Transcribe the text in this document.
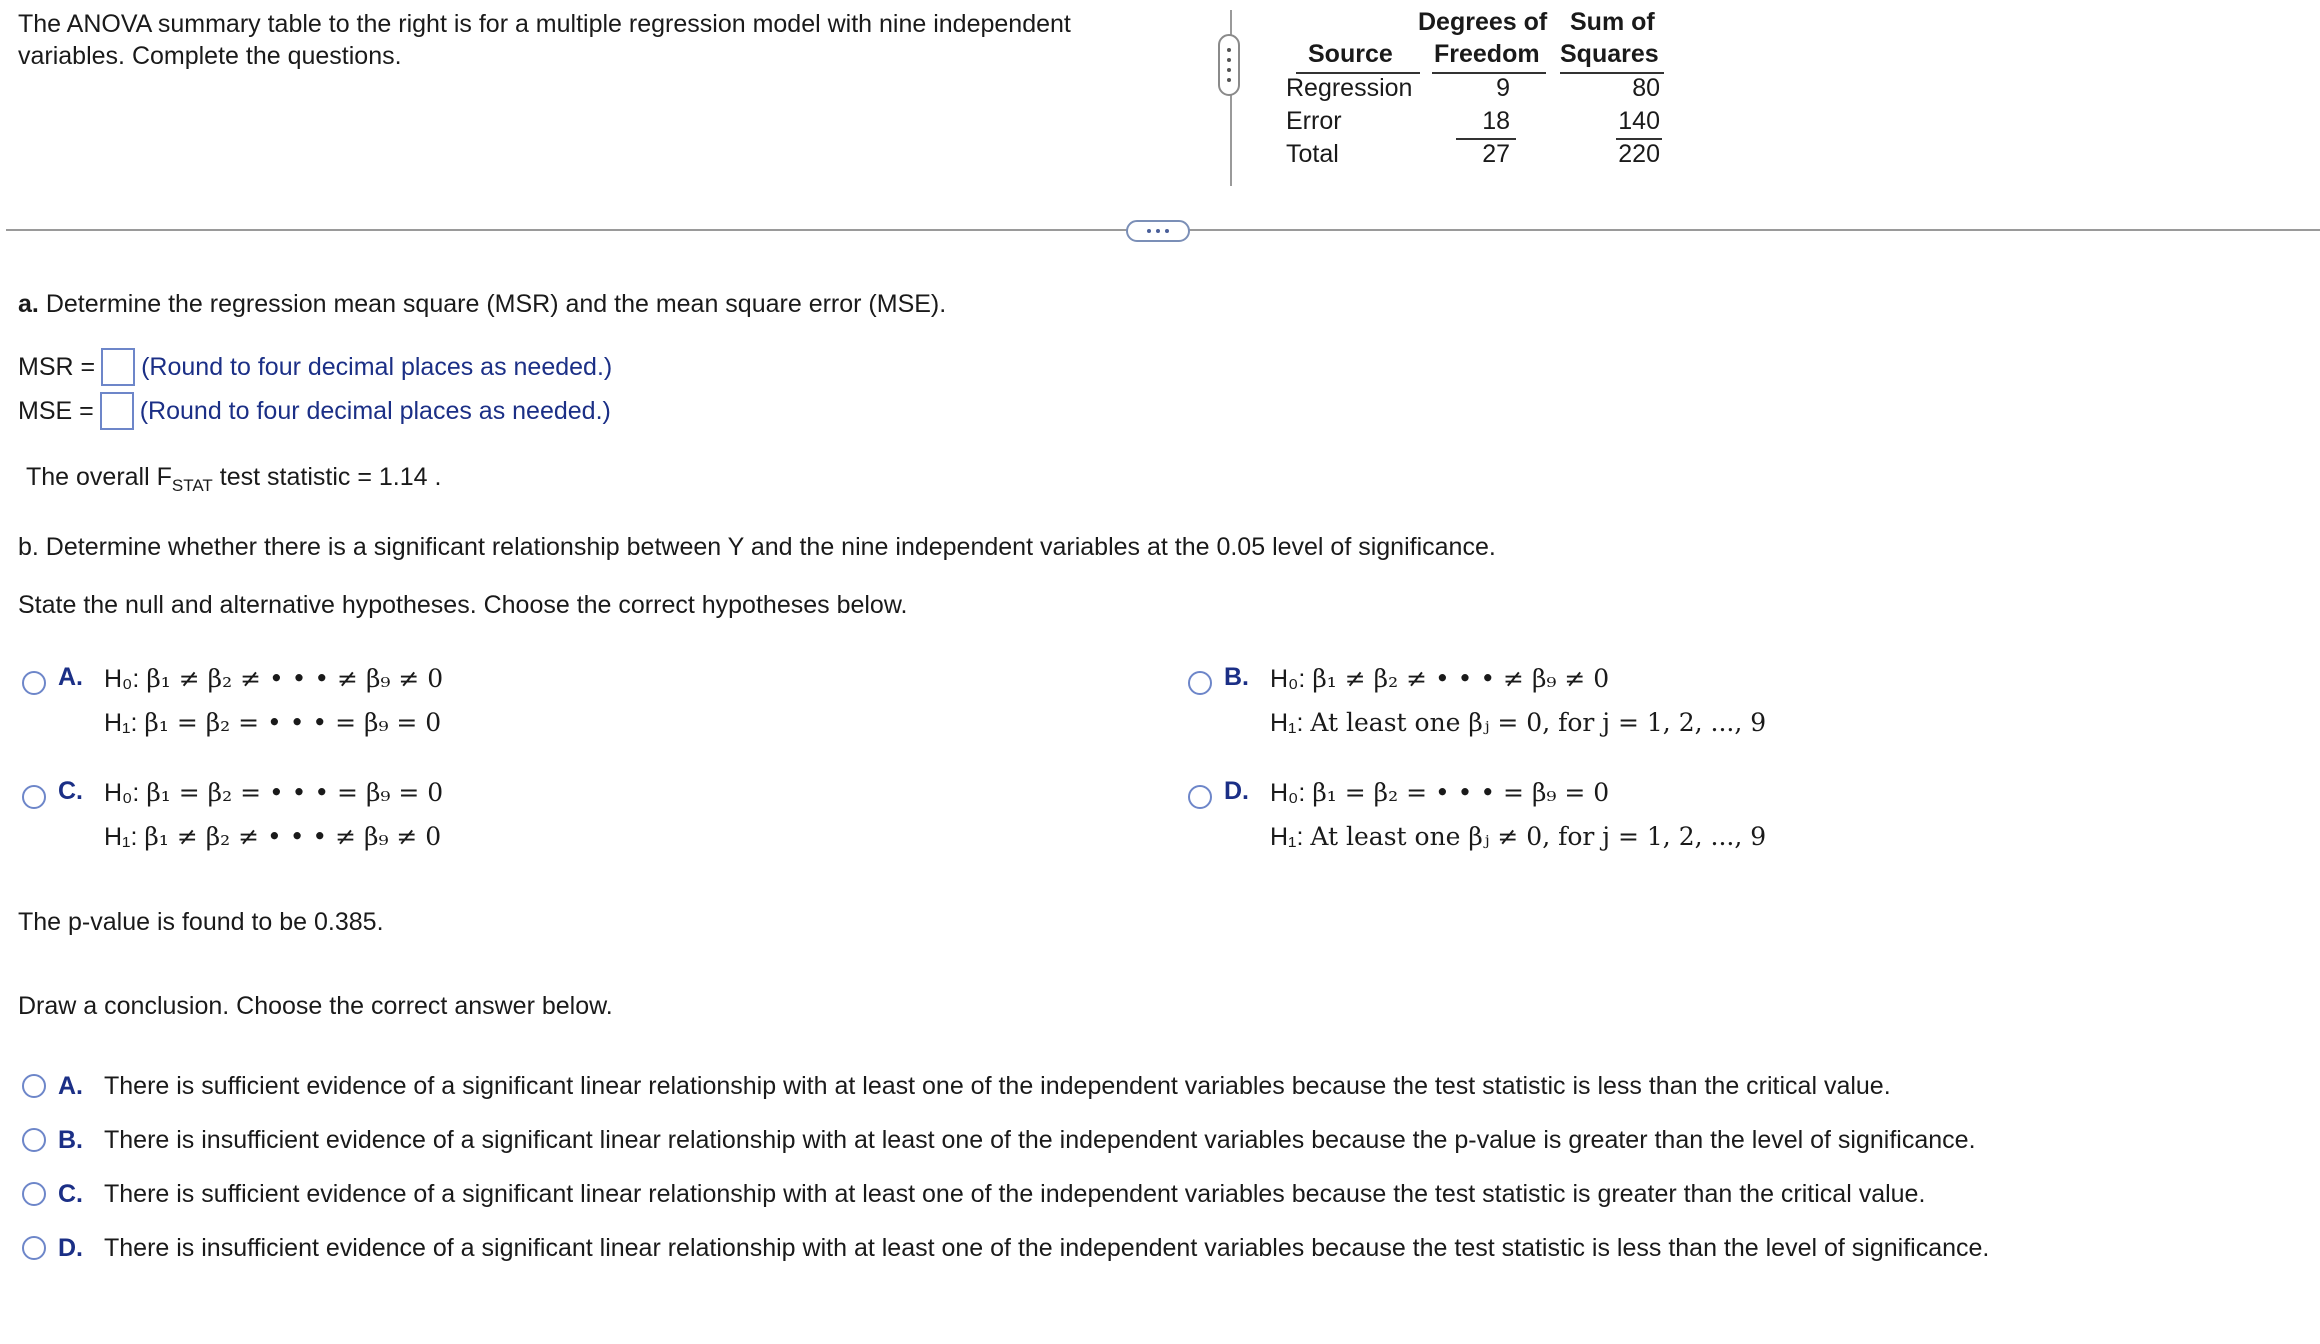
The ANOVA summary table to the right is for a multiple regression model with nine independent variables. Complete the questions.
Degrees of Sum of
Source Freedom Squares
Regression	9	80
Error	18	140
Total	27	220
a. Determine the regression mean square (MSR) and the mean square error (MSE).
MSR = (Round to four decimal places as needed.)
MSE = (Round to four decimal places as needed.)
The overall $F_{STAT}$ test statistic = 1.14 .
b. Determine whether there is a significant relationship between Y and the nine independent variables at the 0.05 level of significance.
State the null and alternative hypotheses. Choose the correct hypotheses below.
A. H₀: β₁ ≠ β₂ ≠ • • • ≠ β₉ ≠ 0
H₁: β₁ = β₂ = • • • = β₉ = 0
B. H₀: β₁ ≠ β₂ ≠ • • • ≠ β₉ ≠ 0
H₁: At least one βⱼ = 0, for j = 1, 2, ..., 9
C. H₀: β₁ = β₂ = • • • = β₉ = 0
H₁: β₁ ≠ β₂ ≠ • • • ≠ β₉ ≠ 0
D. H₀: β₁ = β₂ = • • • = β₉ = 0
H₁: At least one βⱼ ≠ 0, for j = 1, 2, ..., 9
The p-value is found to be 0.385.
Draw a conclusion. Choose the correct answer below.
A. There is sufficient evidence of a significant linear relationship with at least one of the independent variables because the test statistic is less than the critical value.
B. There is insufficient evidence of a significant linear relationship with at least one of the independent variables because the p-value is greater than the level of significance.
C. There is sufficient evidence of a significant linear relationship with at least one of the independent variables because the test statistic is greater than the critical value.
D. There is insufficient evidence of a significant linear relationship with at least one of the independent variables because the test statistic is less than the level of significance.
